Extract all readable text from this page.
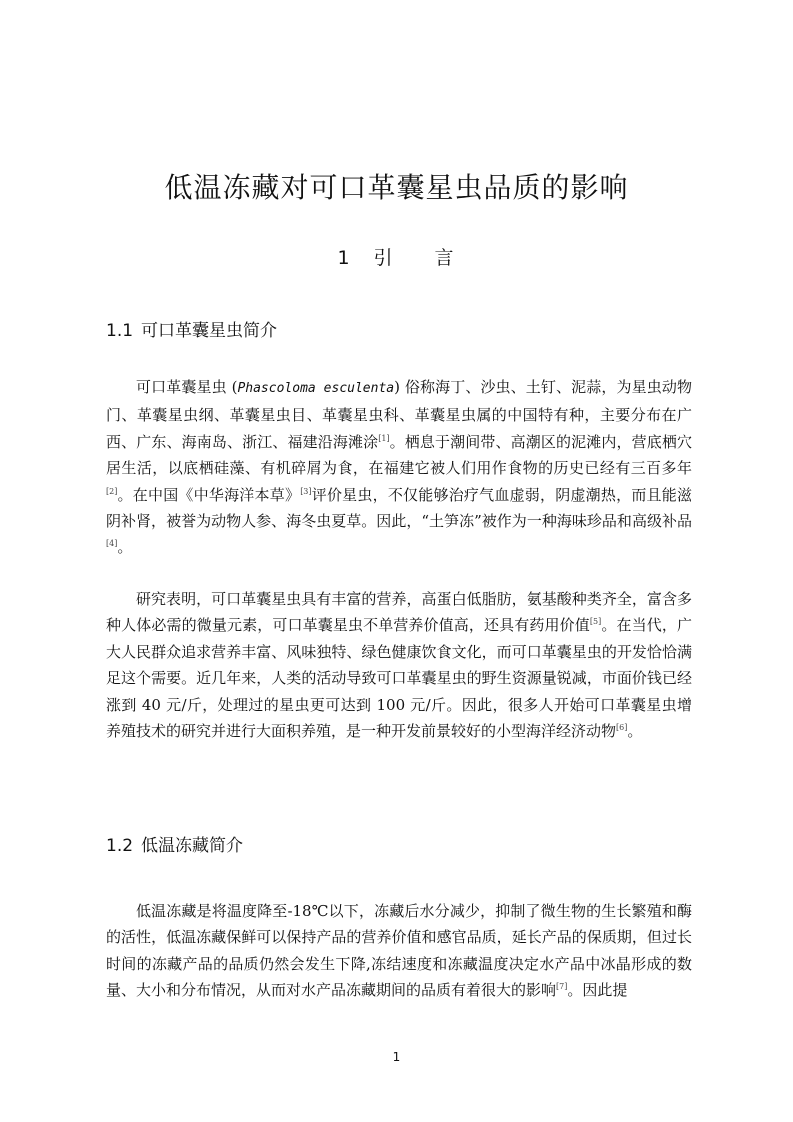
低温冻藏对可口革囊星虫品质的影响
1 引 言
1.1 可口革囊星虫简介

可口革囊星虫 (Phascoloma esculenta) 俗称海丁、沙虫、土钉、泥蒜，为星虫动物门、革囊星虫纲、革囊星虫目、革囊星虫科、革囊星虫属的中国特有种，主要分布在广西、广东、海南岛、浙江、福建沿海滩涂[1]。栖息于潮间带、高潮区的泥滩内，营底栖穴居生活，以底栖硅藻、有机碎屑为食，在福建它被人们用作食物的历史已经有三百多年[2]。在中国《中华海洋本草》[3]评价星虫，不仅能够治疗气血虚弱，阴虚潮热，而且能滋阴补肾，被誉为动物人参、海冬虫夏草。因此，“土笋冻”被作为一种海味珍品和高级补品[4]。

研究表明，可口革囊星虫具有丰富的营养，高蛋白低脂肪，氨基酸种类齐全，富含多种人体必需的微量元素，可口革囊星虫不单营养价值高，还具有药用价值[5]。在当代，广大人民群众追求营养丰富、风味独特、绿色健康饮食文化，而可口革囊星虫的开发恰恰满足这个需要。近几年来，人类的活动导致可口革囊星虫的野生资源量锐减，市面价钱已经涨到 40 元/斤，处理过的星虫更可达到 100 元/斤。因此，很多人开始可口革囊星虫增养殖技术的研究并进行大面积养殖，是一种开发前景较好的小型海洋经济动物[6]。

1.2 低温冻藏简介

低温冻藏是将温度降至-18℃以下，冻藏后水分减少，抑制了微生物的生长繁殖和酶的活性，低温冻藏保鲜可以保持产品的营养价值和感官品质，延长产品的保质期，但过长时间的冻藏产品的品质仍然会发生下降,冻结速度和冻藏温度决定水产品中冰晶形成的数量、大小和分布情况，从而对水产品冻藏期间的品质有着很大的影响[7]。因此提

1
